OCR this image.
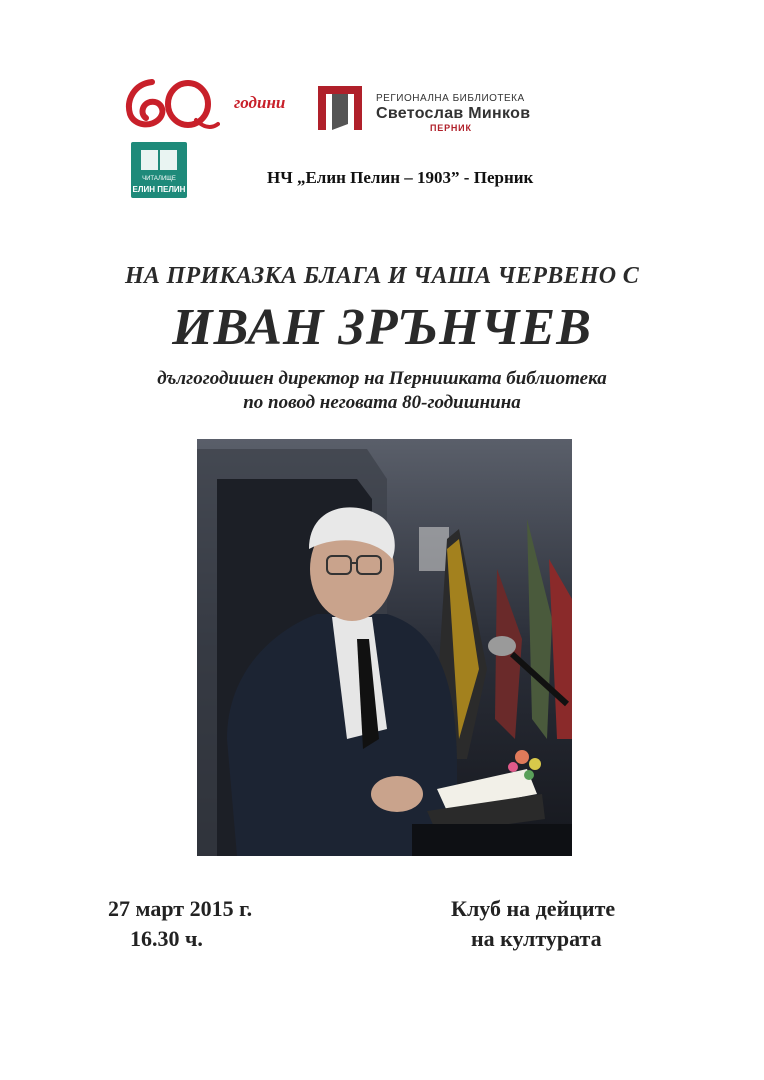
60	години	РЕГИОНАЛНА БИБЛИОТЕКА
Светослав Минков
ПЕРНИК
ЧИТАЛИЩЕ
ЕЛИН ПЕЛИН
НЧ „Елин Пелин – 1903” - Перник
НА ПРИКАЗКА БЛАГА И ЧАША ЧЕРВЕНО С
ИВАН ЗРЪНЧЕВ
дългогодишен директор на Пернишката библиотека
по повод неговата 80-годишнина
27 март 2015 г.
16.30 ч.
Клуб на дейците
на културата
